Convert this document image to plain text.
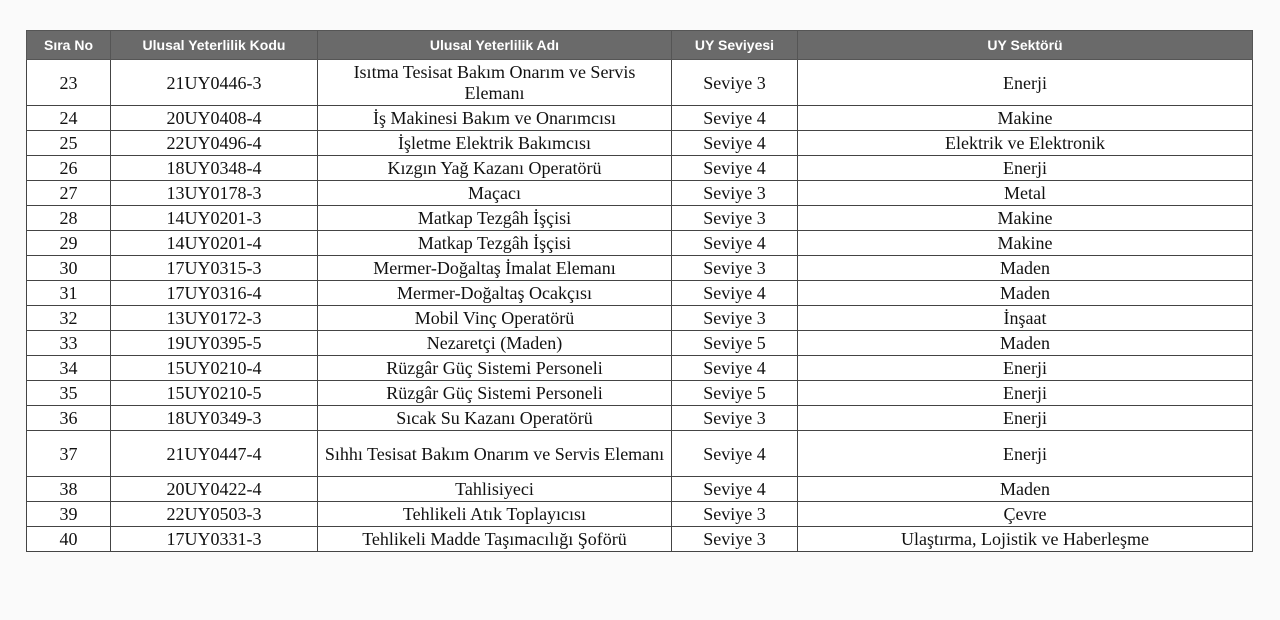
Sıra No	Ulusal Yeterlilik Kodu	Ulusal Yeterlilik Adı	UY Seviyesi	UY Sektörü
23	21UY0446-3	Isıtma Tesisat Bakım Onarım ve Servis Elemanı	Seviye 3	Enerji
24	20UY0408-4	İş Makinesi Bakım ve Onarımcısı	Seviye 4	Makine
25	22UY0496-4	İşletme Elektrik Bakımcısı	Seviye 4	Elektrik ve Elektronik
26	18UY0348-4	Kızgın Yağ Kazanı Operatörü	Seviye 4	Enerji
27	13UY0178-3	Maçacı	Seviye 3	Metal
28	14UY0201-3	Matkap Tezgâh İşçisi	Seviye 3	Makine
29	14UY0201-4	Matkap Tezgâh İşçisi	Seviye 4	Makine
30	17UY0315-3	Mermer-Doğaltaş İmalat Elemanı	Seviye 3	Maden
31	17UY0316-4	Mermer-Doğaltaş Ocakçısı	Seviye 4	Maden
32	13UY0172-3	Mobil Vinç Operatörü	Seviye 3	İnşaat
33	19UY0395-5	Nezaretçi (Maden)	Seviye 5	Maden
34	15UY0210-4	Rüzgâr Güç Sistemi Personeli	Seviye 4	Enerji
35	15UY0210-5	Rüzgâr Güç Sistemi Personeli	Seviye 5	Enerji
36	18UY0349-3	Sıcak Su Kazanı Operatörü	Seviye 3	Enerji
37	21UY0447-4	Sıhhı Tesisat Bakım Onarım ve Servis Elemanı	Seviye 4	Enerji
38	20UY0422-4	Tahlisiyeci	Seviye 4	Maden
39	22UY0503-3	Tehlikeli Atık Toplayıcısı	Seviye 3	Çevre
40	17UY0331-3	Tehlikeli Madde Taşımacılığı Şoförü	Seviye 3	Ulaştırma, Lojistik ve Haberleşme
